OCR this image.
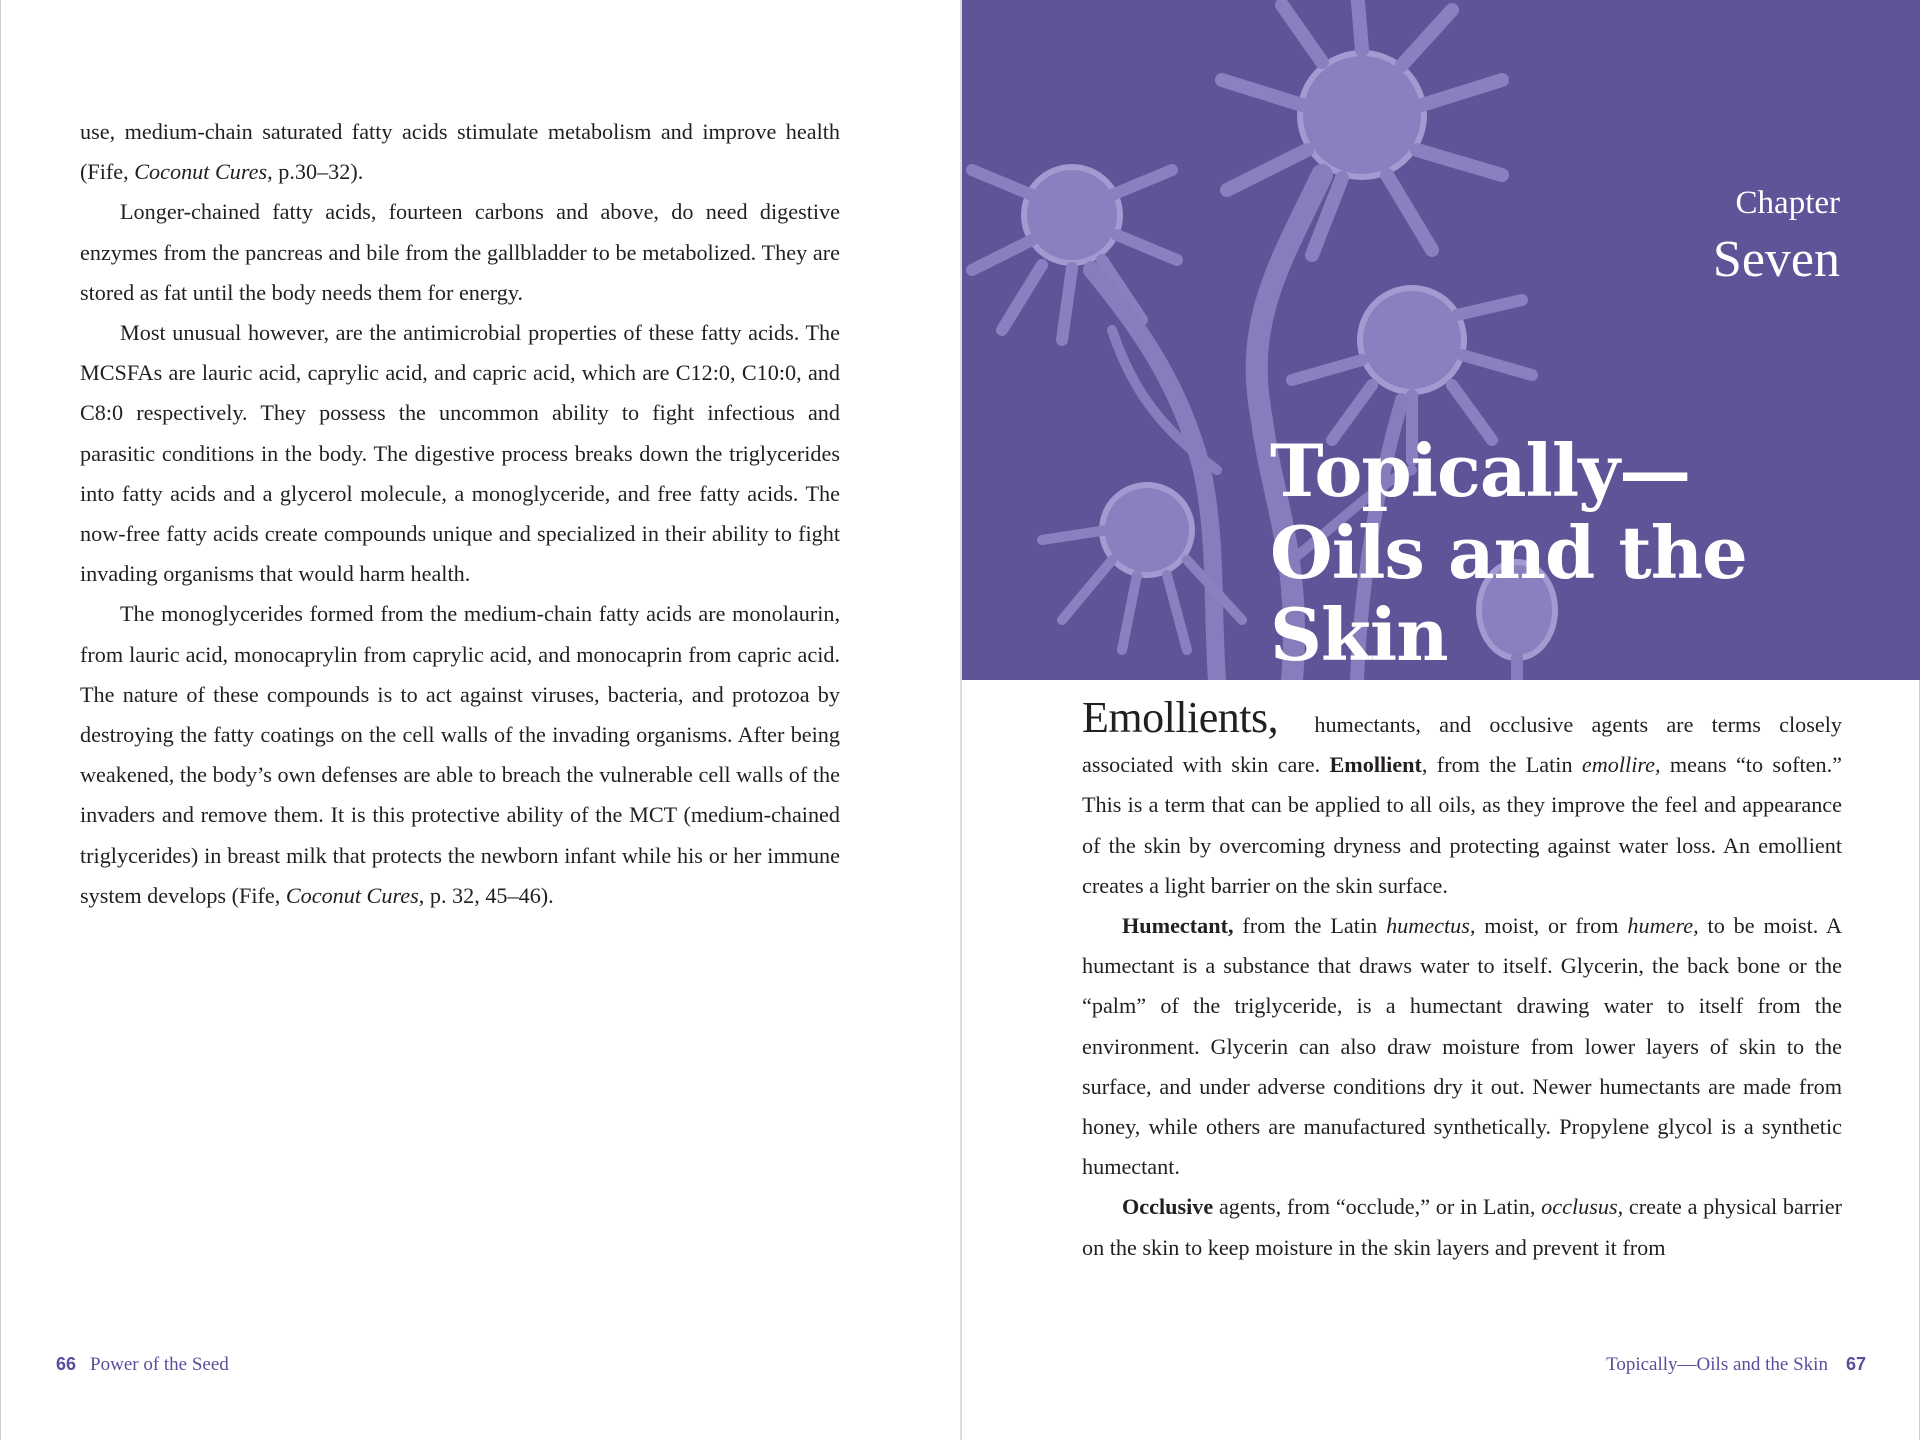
use, medium-chain saturated fatty acids stimulate metabolism and improve health (Fife, Coconut Cures, p.30–32).

Longer-chained fatty acids, fourteen carbons and above, do need digestive enzymes from the pancreas and bile from the gallbladder to be metabolized. They are stored as fat until the body needs them for energy.

Most unusual however, are the antimicrobial properties of these fatty acids. The MCSFAs are lauric acid, caprylic acid, and capric acid, which are C12:0, C10:0, and C8:0 respectively. They possess the uncommon ability to fight infectious and parasitic conditions in the body. The digestive process breaks down the triglycerides into fatty acids and a glycerol molecule, a monoglyceride, and free fatty acids. The now-free fatty acids create compounds unique and specialized in their ability to fight invading organisms that would harm health.

The monoglycerides formed from the medium-chain fatty acids are monolaurin, from lauric acid, monocaprylin from caprylic acid, and monocaprin from capric acid. The nature of these compounds is to act against viruses, bacteria, and protozoa by destroying the fatty coatings on the cell walls of the invading organisms. After being weakened, the body’s own defenses are able to breach the vulnerable cell walls of the invaders and remove them. It is this protective ability of the MCT (medium-chained triglycerides) in breast milk that protects the newborn infant while his or her immune system develops (Fife, Coconut Cures, p. 32, 45–46).

66 Power of the Seed
Chapter
Seven
Topically—
Oils and the Skin

Emollients, humectants, and occlusive agents are terms closely associated with skin care. Emollient, from the Latin emollire, means “to soften.” This is a term that can be applied to all oils, as they improve the feel and appearance of the skin by overcoming dryness and protecting against water loss. An emollient creates a light barrier on the skin surface.

Humectant, from the Latin humectus, moist, or from humere, to be moist. A humectant is a substance that draws water to itself. Glycerin, the back bone or the “palm” of the triglyceride, is a humectant drawing water to itself from the environment. Glycerin can also draw moisture from lower layers of skin to the surface, and under adverse conditions dry it out. Newer humectants are made from honey, while others are manufactured synthetically. Propylene glycol is a synthetic humectant.

Occlusive agents, from “occlude,” or in Latin, occlusus, create a physical barrier on the skin to keep moisture in the skin layers and prevent it from

Topically—Oils and the Skin 67
